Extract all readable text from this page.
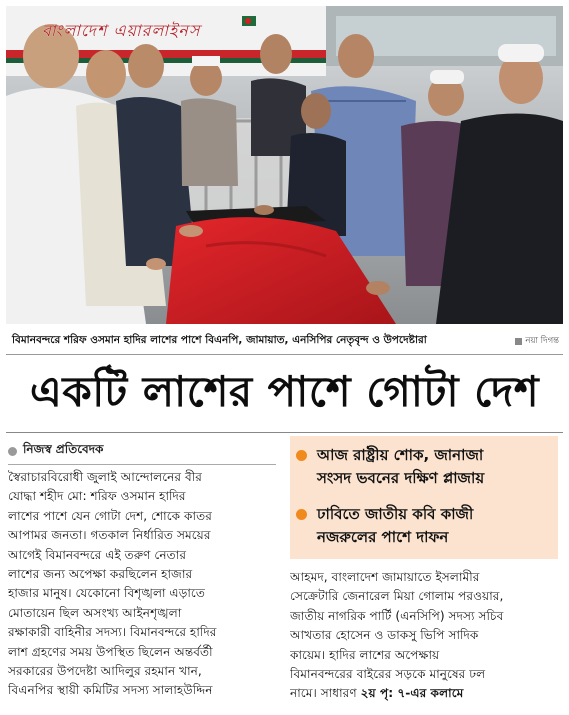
বাংলাদেশ এয়ারলাইনস
বিমানবন্দরে শরিফ ওসমান হাদির লাশের পাশে বিএনপি, জামায়াত, এনসিপির নেতৃবৃন্দ ও উপদেষ্টারা	নয়া দিগন্ত
একটি লাশের পাশে গোটা দেশ
নিজস্ব প্রতিবেদক
স্বৈরাচারবিরোধী জুলাই আন্দোলনের বীর
যোদ্ধা শহীদ মো: শরিফ ওসমান হাদির
লাশের পাশে যেন গোটা দেশ, শোকে কাতর
আপামর জনতা। গতকাল নির্ধারিত সময়ের
আগেই বিমানবন্দরে এই তরুণ নেতার
লাশের জন্য অপেক্ষা করছিলেন হাজার
হাজার মানুষ। যেকোনো বিশৃঙ্খলা এড়াতে
মোতায়েন ছিল অসংখ্য আইনশৃঙ্খলা
রক্ষাকারী বাহিনীর সদস্য। বিমানবন্দরে হাদির
লাশ গ্রহণের সময় উপস্থিত ছিলেন অন্তর্বর্তী
সরকারের উপদেষ্টা আদিলুর রহমান খান,
বিএনপির স্থায়ী কমিটির সদস্য সালাহউদ্দিন
আজ রাষ্ট্রীয় শোক, জানাজা
সংসদ ভবনের দক্ষিণ প্লাজায়
ঢাবিতে জাতীয় কবি কাজী
নজরুলের পাশে দাফন
আহমদ, বাংলাদেশ জামায়াতে ইসলামীর
সেক্রেটারি জেনারেল মিয়া গোলাম পরওয়ার,
জাতীয় নাগরিক পার্টি (এনসিপি) সদস্য সচিব
আখতার হোসেন ও ডাকসু ভিপি সাদিক
কায়েম। হাদির লাশের অপেক্ষায়
বিমানবন্দরের বাইরের সড়কে মানুষের ঢল
নামে। সাধারণ ২য় পৃ: ৭-এর কলামে
